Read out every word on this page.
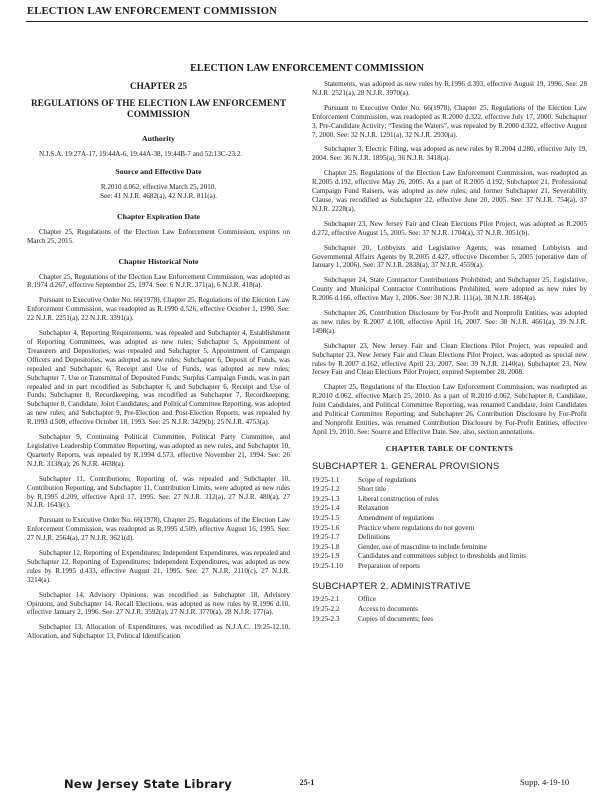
ELECTION LAW ENFORCEMENT COMMISSION
ELECTION LAW ENFORCEMENT COMMISSION
CHAPTER 25
REGULATIONS OF THE ELECTION LAW ENFORCEMENT COMMISSION
Authority

N.J.S.A. 19:27A-17, 19:44A-6, 19:44A-38, 19:44B-7 and 52:13C-23.2.

Source and Effective Date

R.2010 d.062, effective March 25, 2010.

See: 41 N.J.R. 4682(a), 42 N.J.R. 811(a).

Chapter Expiration Date

Chapter 25, Regulations of the Election Law Enforcement Commission, expires on March 25, 2015.

Chapter Historical Note

Chapter 25, Regulations of the Election Law Enforcement Commission, was adopted as R.1974 d.267, effective September 25, 1974. See: 6 N.J.R. 371(a), 6 N.J.R. 418(a).

Pursuant to Executive Order No. 66(1978), Chapter 25, Regulations of the Election Law Enforcement Commission, was readopted as R.1990 d.526, effective October 1, 1990. See: 22 N.J.R. 2251(a), 22 N.J.R. 3391(a).

Subchapter 4, Reporting Requirements, was repealed and Subchapter 4, Establishment of Reporting Committees, was adopted as new rules; Subchapter 5, Appointment of Treasurers and Depositories, was repealed and Subchapter 5, Appointment of Campaign Officers and Depositories, was adopted as new rules; Subchapter 6, Deposit of Funds, was repealed and Subchapter 6, Receipt and Use of Funds, was adopted as new rules; Subchapter 7, Use or Transmittal of Deposited Funds; Surplus Campaign Funds, was in part repealed and in part recodified as Subchapter 6, and Subchapter 6, Receipt and Use of Funds; Subchapter 8, Recordkeeping, was recodified as Subchapter 7, Recordkeeping; Subchapter 8, Candidate, Joint Candidates, and Political Committee Reporting, was adopted as new rules; and Subchapter 9, Pre-Election and Post-Election Reports, was repealed by R.1993 d.509, effective October 18, 1993. See: 25 N.J.R. 3429(b), 25 N.J.R. 4753(a).

Subchapter 9, Continuing Political Committee, Political Party Committee, and Legislative Leadership Committee Reporting, was adopted as new rules, and Subchapter 10, Quarterly Reports, was repealed by R.1994 d.573, effective November 21, 1994. See: 26 N.J.R. 3138(a); 26 N.J.R. 4638(a).

Subchapter 11, Contributions; Reporting of, was repealed and Subchapter 10, Contribution Reporting, and Subchapter 11, Contribution Limits, were adopted as new rules by R.1995 d.209, effective April 17, 1995. See: 27 N.J.R. 312(a), 27 N.J.R. 480(a), 27 N.J.R. 1643(c).

Pursuant to Executive Order No. 66(1978), Chapter 25, Regulations of the Election Law Enforcement Commission, was readopted as R.1995 d.509, effective August 16, 1995. See: 27 N.J.R. 2564(a), 27 N.J.R. 3621(d).

Subchapter 12, Reporting of Expenditures; Independent Expenditures, was repealed and Subchapter 12, Reporting of Expenditures; Independent Expenditures, was adopted as new rules by R.1995 d.433, effective August 21, 1995. See: 27 N.J.R. 2110(c), 27 N.J.R. 3214(a).

Subchapter 14, Advisory Opinions, was recodified as Subchapter 18, Advisory Opinions, and Subchapter 14, Recall Elections, was adopted as new rules by R.1996 d.10, effective January 2, 1996. See: 27 N.J.R. 3592(a), 27 N.J.R. 3770(a), 28 N.J.R. 177(a).

Subchapter 13, Allocation of Expenditures, was recodified as N.J.A.C. 19:25-12.10, Allocation, and Subchapter 13, Political Identification

Statements, was adopted as new rules by R.1996 d.393, effective August 19, 1996. See: 28 N.J.R. 2521(a), 28 N.J.R. 3970(a).

Pursuant to Executive Order No. 66(1978), Chapter 25, Regulations of the Election Law Enforcement Commission, was readopted as R.2000 d.322, effective July 17, 2000. Subchapter 3, Pre-Candidate Activity; “Testing the Waters”, was repealed by R.2000 d.322, effective August 7, 2000. See: 32 N.J.R. 1291(a), 32 N.J.R. 2930(a).

Subchapter 3, Electric Filing, was adopted as new rules by R.2004 d.280, effective July 19, 2004. See: 36 N.J.R. 1895(a), 36 N.J.R. 3418(a).

Chapter 25, Regulations of the Election Law Enforcement Commission, was readopted as R.2005 d.192, effective May 26, 2005. As a part of R.2005 d.192, Subchapter 21, Professional Campaign Fund Raisers, was adopted as new rules; and former Subchapter 21, Severability Clause, was recodified as Subchapter 22, effective June 20, 2005. See: 37 N.J.R. 754(a), 37 N.J.R. 2228(a).

Subchapter 23, New Jersey Fair and Clean Elections Pilot Project, was adopted as R.2005 d.272, effective August 15, 2005. See: 37 N.J.R. 1704(a), 37 N.J.R. 3051(b).

Subchapter 20, Lobbyists and Legislative Agents, was renamed Lobbyists and Governmental Affairs Agents by R.2005 d.427, effective December 5, 2005 (operative date of January 1, 2006). See: 37 N.J.R. 2838(a), 37 N.J.R. 4559(a).

Subchapter 24, State Contractor Contributions Prohibited; and Subchapter 25, Legislative, County and Municipal Contractor Contributions Prohibited, were adopted as new rules by R.2006 d.166, effective May 1, 2006. See: 38 N.J.R. 111(a), 38 N.J.R. 1864(a).

Subchapter 26, Contribution Disclosure by For-Profit and Nonprofit Entities, was adopted as new rules by R.2007 d.108, effective April 16, 2007. See: 38 N.J.R. 4661(a), 39 N.J.R. 1498(a).

Subchapter 23, New Jersey Fair and Clean Elections Pilot Project, was repealed and Subchapter 23, New Jersey Fair and Clean Elections Pilot Project, was adopted as special new rules by R.2007 d.162, effective April 23, 2007. See: 39 N.J.R. 2140(a). Subchapter 23, New Jersey Fair and Clean Elections Pilot Project, expired September 28, 2008.

Chapter 25, Regulations of the Election Law Enforcement Commission, was readopted as R.2010 d.062, effective March 25, 2010. As a part of R.2010 d.062, Subchapter 8, Candidate, Joint Candidates, and Political Committee Reporting, was renamed Candidate, Joint Candidates and Political Committee Reporting; and Subchapter 26, Contribution Disclosure by For-Profit and Nonprofit Entities, was renamed Contribution Disclosure by For-Profit Entities, effective April 19, 2010. See: Source and Effective Date. See, also, section annotations.

CHAPTER TABLE OF CONTENTS
SUBCHAPTER 1. GENERAL PROVISIONS
19:25-1.1	Scope of regulations
19:25-1.2	Short title
19:25-1.3	Liberal construction of rules
19:25-1.4	Relaxation
19:25-1.5	Amendment of regulations
19:25-1.6	Practice where regulations do not govern
19:25-1.7	Definitions
19:25-1.8	Gender, use of masculine to include feminine
19:25-1.9	Candidates and committees subject to thresholds and limits
19:25-1.10	Preparation of reports
SUBCHAPTER 2. ADMINISTRATIVE
19:25-2.1	Office
19:25-2.2	Access to documents
19:25-2.3	Copies of documents; fees
New Jersey State Library	25-1	Supp. 4-19-10
